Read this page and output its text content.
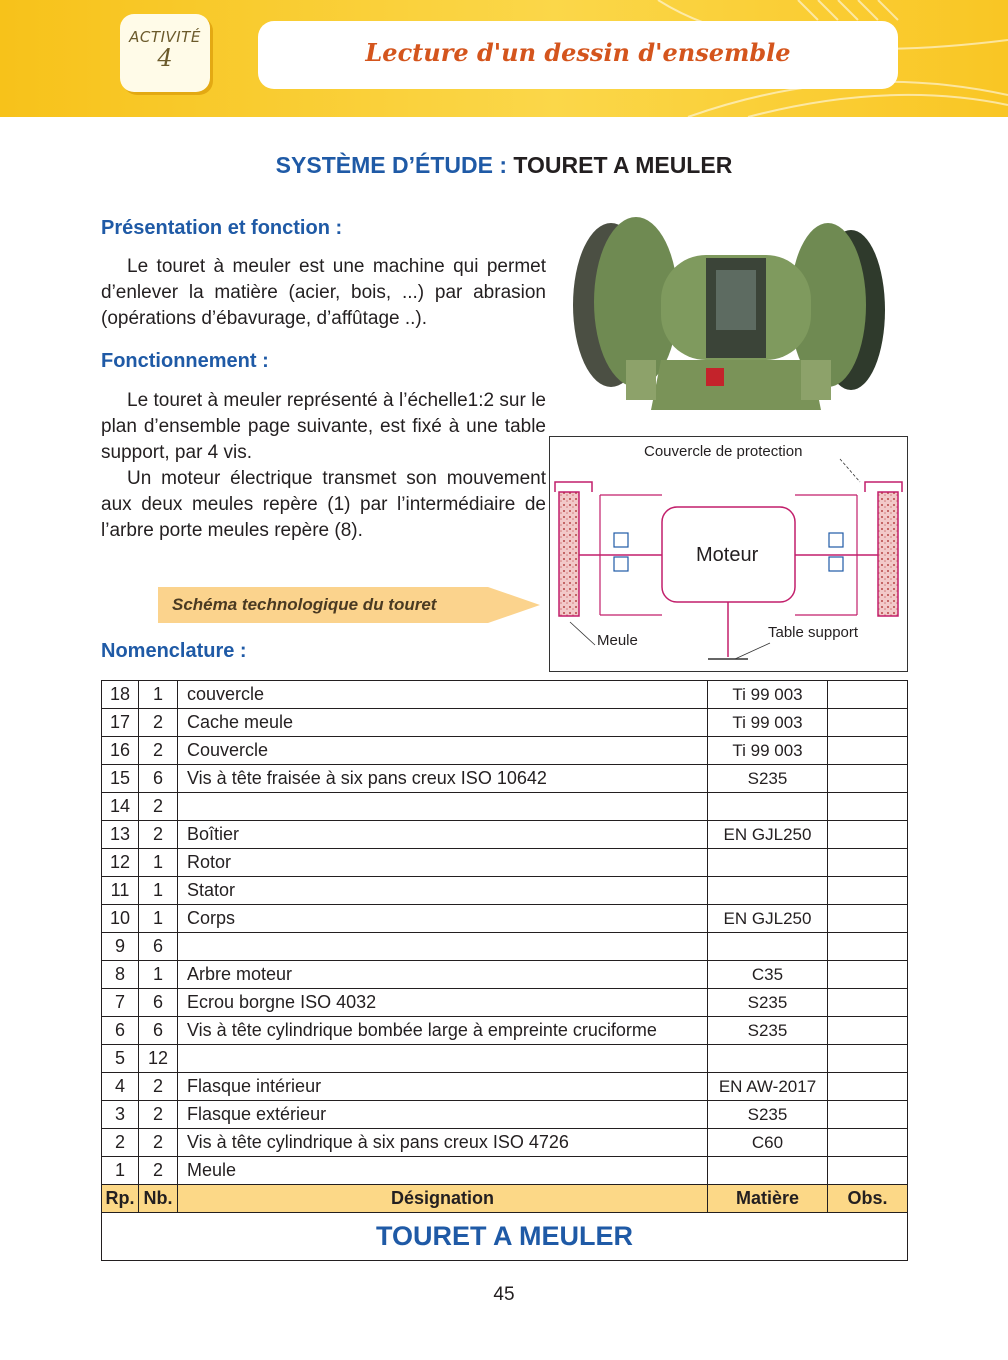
ACTIVITÉ
4	Lecture d'un dessin d'ensemble
SYSTÈME D’ÉTUDE : TOURET A MEULER
Présentation et fonction :

Le touret à meuler est une machine qui permet d’enlever la matière (acier, bois, ...) par abrasion (opérations d’ébavurage, d’affûtage ..).

Fonctionnement :

Le touret à meuler représenté à l’échelle1:2 sur le plan d’ensemble page suivante, est fixé à une table support, par 4 vis.

Un moteur électrique transmet son mouvement aux deux meules repère (1) par l’intermédiaire de l’arbre porte meules repère (8).

Couvercle de protection
Moteur
Meule	Table support
Schéma technologique du touret
Nomenclature :
18	1	couvercle	Ti 99 003	
17	2	Cache meule	Ti 99 003	
16	2	Couvercle	Ti 99 003	
15	6	Vis à tête fraisée à six pans creux ISO 10642	S235	
14	2			
13	2	Boîtier	EN GJL250	
12	1	Rotor		
11	1	Stator		
10	1	Corps	EN GJL250	
9	6			
8	1	Arbre moteur	C35	
7	6	Ecrou borgne ISO 4032	S235	
6	6	Vis à tête cylindrique bombée large à empreinte cruciforme	S235	
5	12			
4	2	Flasque intérieur	EN AW-2017	
3	2	Flasque extérieur	S235	
2	2	Vis à tête cylindrique à six pans creux ISO 4726	C60	
1	2	Meule		
Rp.	Nb.	Désignation	Matière	Obs.
TOURET A MEULER				
45
